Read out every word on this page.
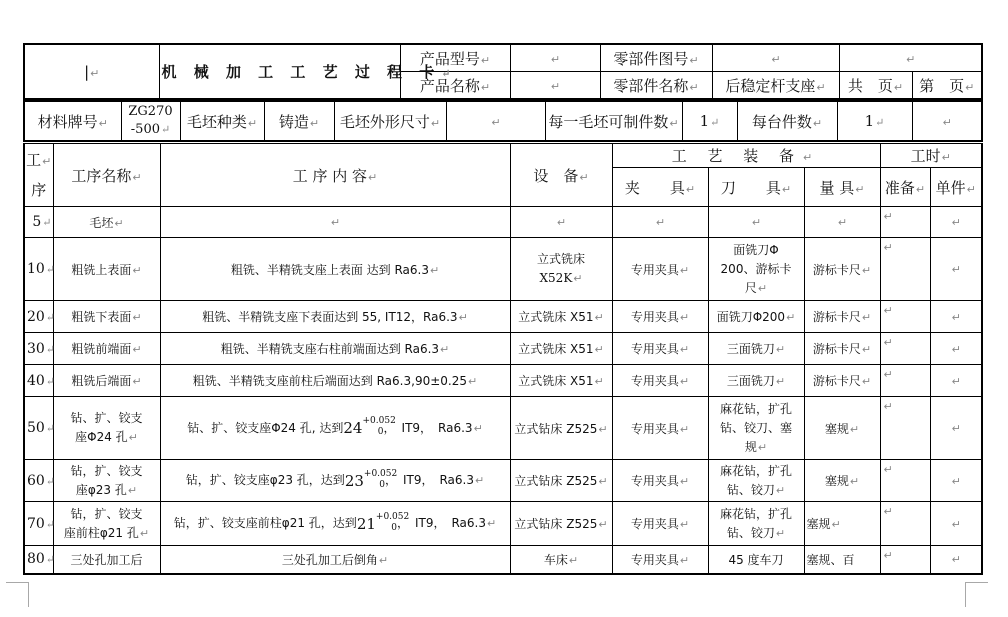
|↵	机 械 加 工 工 艺 过 程 卡↵	产品型号↵	↵	零部件图号↵	↵	↵	
		产品名称↵	↵	零部件名称↵	后稳定杆支座↵	共　页↵	第　页↵
材料牌号↵	ZG270
-500↵	毛坯种类↵	铸造↵	毛坯外形尺寸↵	↵	每一毛坯可制件数↵	1↵	每台件数↵	1↵	↵
工↵
序	工序名称↵	工 序 内 容↵	设　备↵	工 艺 装 备↵			工时↵	
				夹　　具↵	刀　　具↵	量 具↵	准备↵	单件↵
5↵	毛坯↵	↵	↵	↵	↵	↵	↵	↵
10↵	粗铣上表面↵	粗铣、半精铣支座上表面 达到 Ra6.3↵	立式铣床
X52K↵	专用夹具↵	面铣刀Φ
200、游标卡
尺↵	游标卡尺↵	↵	↵
20↵	粗铣下表面↵	粗铣、半精铣支座下表面达到 55, IT12，Ra6.3↵	立式铣床 X51↵	专用夹具↵	面铣刀Φ200↵	游标卡尺↵	↵	↵
30↵	粗铣前端面↵	粗铣、半精铣支座右柱前端面达到 Ra6.3↵	立式铣床 X51↵	专用夹具↵	三面铣刀↵	游标卡尺↵	↵	↵
40↵	粗铣后端面↵	粗铣、半精铣支座前柱后端面达到 Ra6.3,90±0.25↵	立式铣床 X51↵	专用夹具↵	三面铣刀↵	游标卡尺↵	↵	↵
50↵	钻、扩、铰支
座Φ24 孔↵	钻、扩、铰支座Φ24 孔, 达到$24^{+0.052}0$，　IT9，　Ra6.3↵	立式钻床 Z525↵	专用夹具↵	麻花钻，扩孔
钻、铰刀、塞
规↵	塞规↵	↵	↵
60↵	钻，扩、铰支
座φ23 孔↵	钻，扩、铰支座φ23 孔，达到$23^{+0.052}0$，　IT9，　Ra6.3↵	立式钻床 Z525↵	专用夹具↵	麻花钻，扩孔
钻、铰刀↵	塞规↵	↵	↵
70↵	钻，扩、铰支
座前柱φ21 孔↵	钻，扩、铰支座前柱φ21 孔，达到$21^{+0.052}0$，　IT9，　Ra6.3↵	立式钻床 Z525↵	专用夹具↵	麻花钻，扩孔
钻、铰刀↵	塞规↵	↵	↵
80↵	三处孔加工后	三处孔加工后倒角↵	车床↵	专用夹具↵	45 度车刀	塞规、百	↵	↵
